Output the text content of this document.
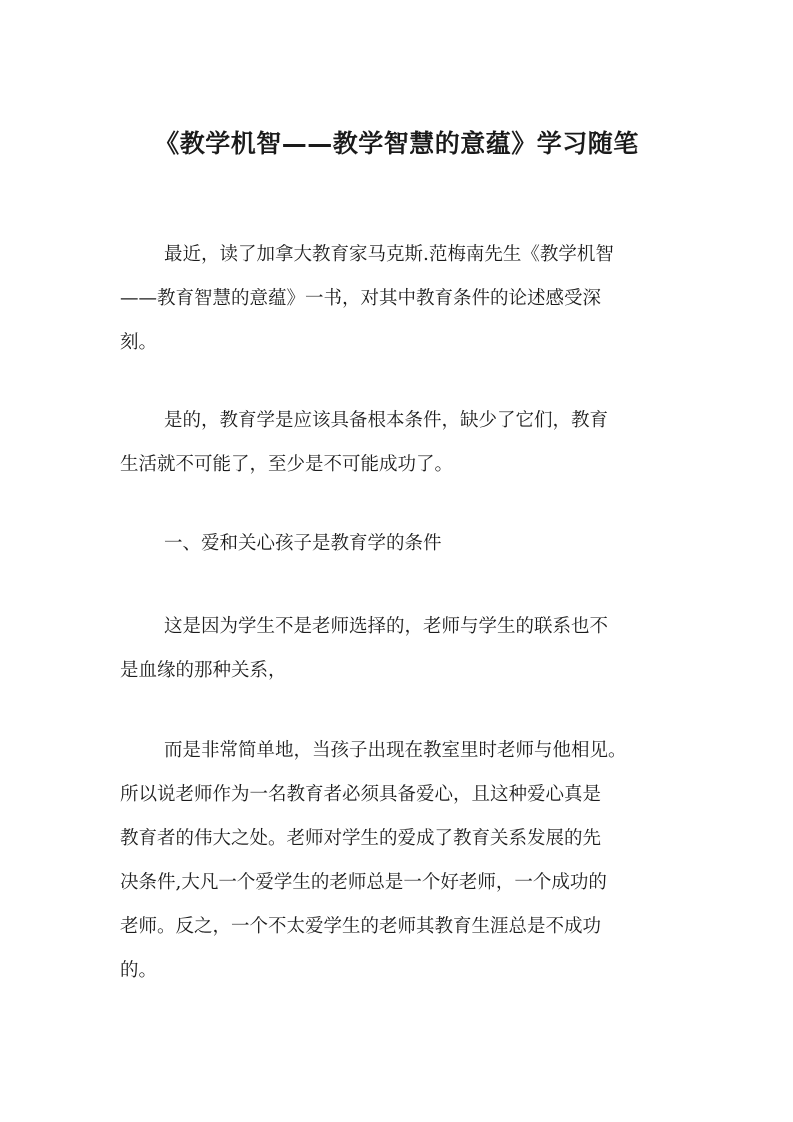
《教学机智——教学智慧的意蕴》学习随笔
最近，读了加拿大教育家马克斯.范梅南先生《教学机智
——教育智慧的意蕴》一书，对其中教育条件的论述感受深
刻。
是的，教育学是应该具备根本条件，缺少了它们，教育
生活就不可能了，至少是不可能成功了。
一、爱和关心孩子是教育学的条件
这是因为学生不是老师选择的，老师与学生的联系也不
是血缘的那种关系，
而是非常简单地，当孩子出现在教室里时老师与他相见。
所以说老师作为一名教育者必须具备爱心，且这种爱心真是
教育者的伟大之处。老师对学生的爱成了教育关系发展的先
决条件,大凡一个爱学生的老师总是一个好老师，一个成功的
老师。反之，一个不太爱学生的老师其教育生涯总是不成功
的。
